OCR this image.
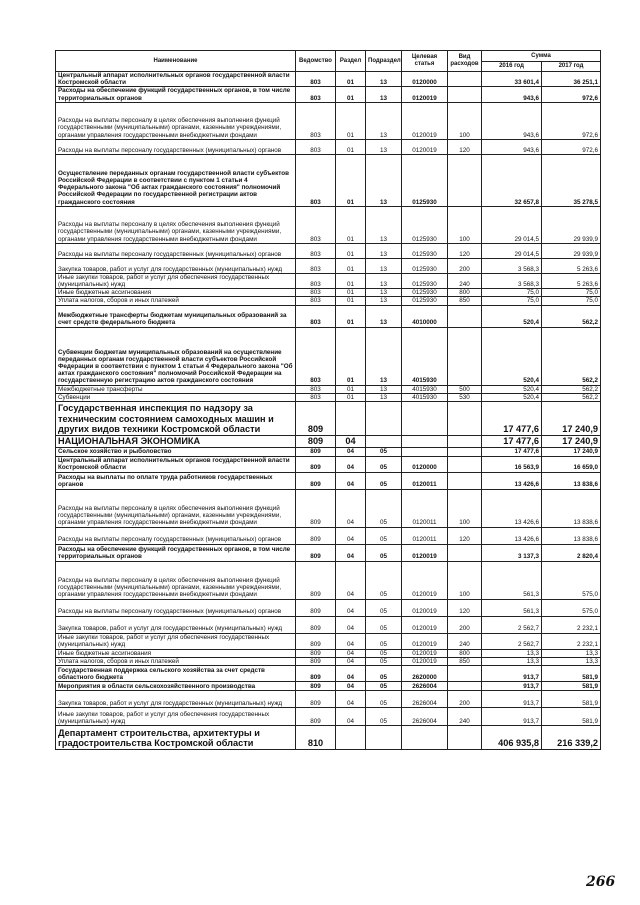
Наименование	Ведомство	Раздел	Подраздел	Целевая статья	Вид расходов	Сумма	
						2016 год	2017 год
Центральный аппарат исполнительных органов государственной власти Костромской области	803	01	13	0120000		33 601,4	36 251,1
Расходы на обеспечение функций государственных органов, в том числе территориальных органов	803	01	13	0120019		943,6	972,6
Расходы на выплаты персоналу в целях обеспечения выполнения функций государственными (муниципальными) органами, казенными учреждениями, органами управления государственными внебюджетными фондами	803	01	13	0120019	100	943,6	972,6
Расходы на выплаты персоналу государственных (муниципальных) органов	803	01	13	0120019	120	943,6	972,6
Осуществление переданных органам государственной власти субъектов Российской Федерации в соответствии с пунктом 1 статьи 4 Федерального закона "Об актах гражданского состояния" полномочий Российской Федерации по государственной регистрации актов гражданского состояния	803	01	13	0125930		32 657,8	35 278,5
Расходы на выплаты персоналу в целях обеспечения выполнения функций государственными (муниципальными) органами, казенными учреждениями, органами управления государственными внебюджетными фондами	803	01	13	0125930	100	29 014,5	29 939,9
Расходы на выплаты персоналу государственных (муниципальных) органов	803	01	13	0125930	120	29 014,5	29 939,9
Закупка товаров, работ и услуг для государственных (муниципальных) нужд	803	01	13	0125930	200	3 568,3	5 263,6
Иные закупки товаров, работ и услуг для обеспечения государственных (муниципальных) нужд	803	01	13	0125930	240	3 568,3	5 263,6
Иные бюджетные ассигнования	803	01	13	0125930	800	75,0	75,0
Уплата налогов, сборов и иных платежей	803	01	13	0125930	850	75,0	75,0
Межбюджетные трансферты бюджетам муниципальных образований за счет средств федерального бюджета	803	01	13	4010000		520,4	562,2
Субвенции бюджетам муниципальных образований на осуществление переданных органам государственной власти субъектов Российской Федерации в соответствии с пунктом 1 статьи 4 Федерального закона "Об актах гражданского состояния" полномочий Российской Федерации на государственную регистрацию актов гражданского состояния	803	01	13	4015930		520,4	562,2
Межбюджетные трансферты	803	01	13	4015930	500	520,4	562,2
Субвенции	803	01	13	4015930	530	520,4	562,2
Государственная инспекция по надзору за техническим состоянием самоходных машин и других видов техники Костромской области	809					17 477,6	17 240,9
НАЦИОНАЛЬНАЯ ЭКОНОМИКА	809	04				17 477,6	17 240,9
Сельское хозяйство и рыболовство	809	04	05			17 477,6	17 240,9
Центральный аппарат исполнительных органов государственной власти Костромской области	809	04	05	0120000		16 563,9	16 659,0
Расходы на выплаты по оплате труда работников государственных органов	809	04	05	0120011		13 426,6	13 838,6
Расходы на выплаты персоналу в целях обеспечения выполнения функций государственными (муниципальными) органами, казенными учреждениями, органами управления государственными внебюджетными фондами	809	04	05	0120011	100	13 426,6	13 838,6
Расходы на выплаты персоналу государственных (муниципальных) органов	809	04	05	0120011	120	13 426,6	13 838,6
Расходы на обеспечение функций государственных органов, в том числе территориальных органов	809	04	05	0120019		3 137,3	2 820,4
Расходы на выплаты персоналу в целях обеспечения выполнения функций государственными (муниципальными) органами, казенными учреждениями, органами управления государственными внебюджетными фондами	809	04	05	0120019	100	561,3	575,0
Расходы на выплаты персоналу государственных (муниципальных) органов	809	04	05	0120019	120	561,3	575,0
Закупка товаров, работ и услуг для государственных (муниципальных) нужд	809	04	05	0120019	200	2 562,7	2 232,1
Иные закупки товаров, работ и услуг для обеспечения государственных (муниципальных) нужд	809	04	05	0120019	240	2 562,7	2 232,1
Иные бюджетные ассигнования	809	04	05	0120019	800	13,3	13,3
Уплата налогов, сборов и иных платежей	809	04	05	0120019	850	13,3	13,3
Государственная поддержка сельского хозяйства за счет средств областного бюджета	809	04	05	2620000		913,7	581,9
Мероприятия в области сельскохозяйственного производства	809	04	05	2626004		913,7	581,9
Закупка товаров, работ и услуг для государственных (муниципальных) нужд	809	04	05	2626004	200	913,7	581,9
Иные закупки товаров, работ и услуг для обеспечения государственных (муниципальных) нужд	809	04	05	2626004	240	913,7	581,9
Департамент строительства, архитектуры и градостроительства Костромской области	810					406 935,8	216 339,2
266
